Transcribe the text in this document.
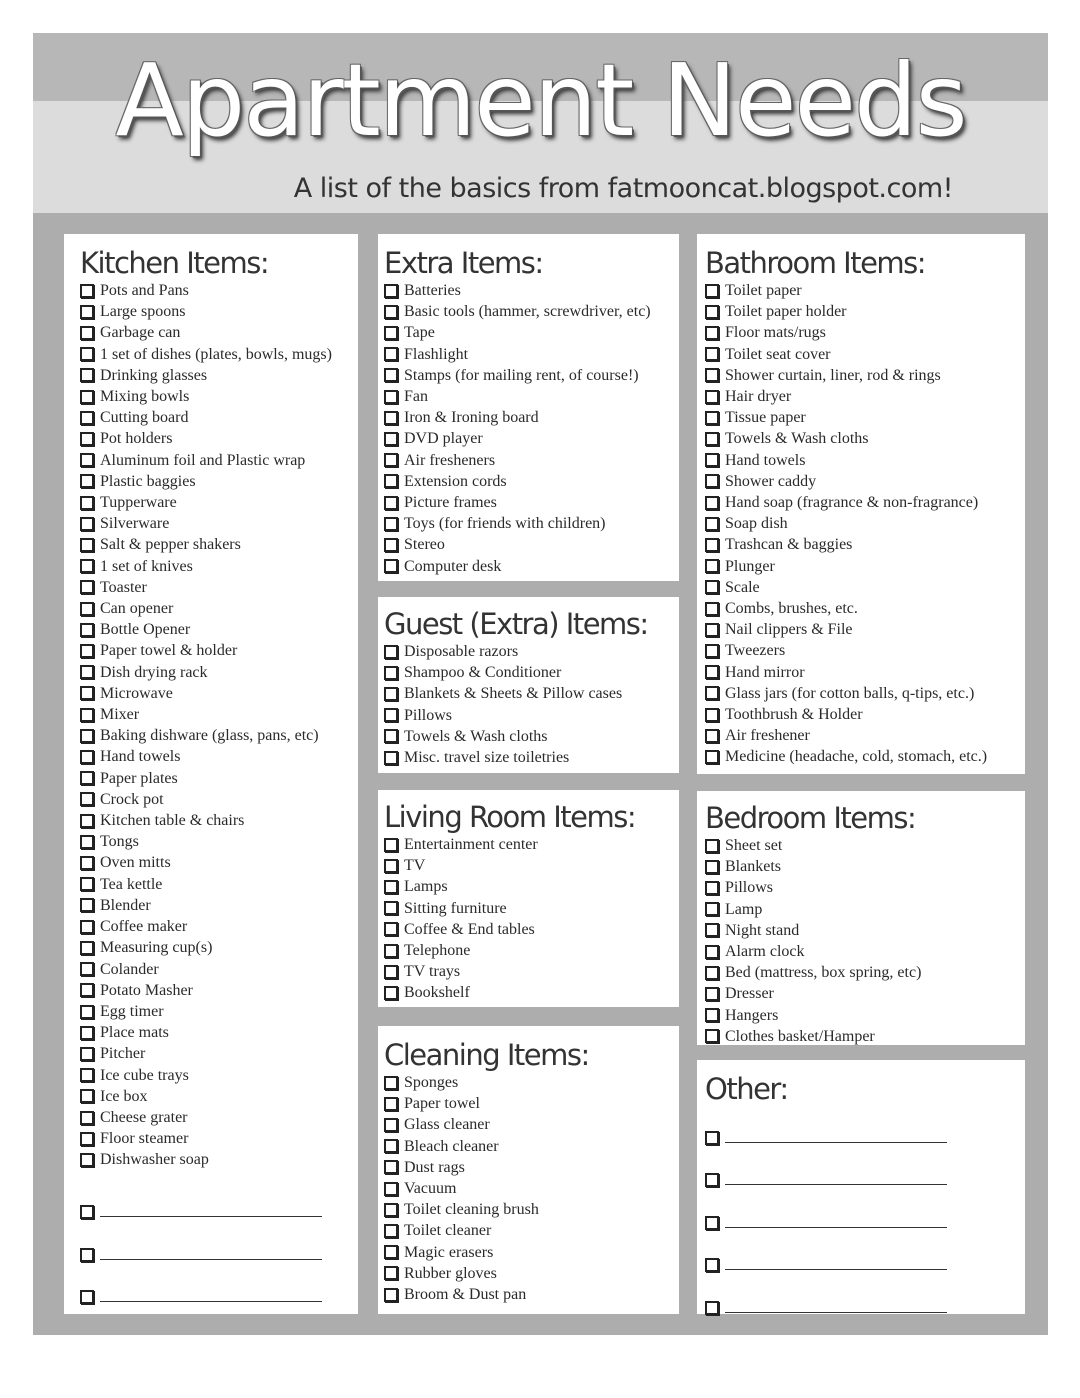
Apartment Needs

A list of the basics from fatmooncat.blogspot.com!

Kitchen Items:
Pots and Pans
Large spoons
Garbage can
1 set of dishes (plates, bowls, mugs)
Drinking glasses
Mixing bowls
Cutting board
Pot holders
Aluminum foil and Plastic wrap
Plastic baggies
Tupperware
Silverware
Salt & pepper shakers
1 set of knives
Toaster
Can opener
Bottle Opener
Paper towel & holder
Dish drying rack
Microwave
Mixer
Baking dishware (glass, pans, etc)
Hand towels
Paper plates
Crock pot
Kitchen table & chairs
Tongs
Oven mitts
Tea kettle
Blender
Coffee maker
Measuring cup(s)
Colander
Potato Masher
Egg timer
Place mats
Pitcher
Ice cube trays
Ice box
Cheese grater
Floor steamer
Dishwasher soap
Extra Items:
Batteries
Basic tools (hammer, screwdriver, etc)
Tape
Flashlight
Stamps (for mailing rent, of course!)
Fan
Iron & Ironing board
DVD player
Air fresheners
Extension cords
Picture frames
Toys (for friends with children)
Stereo
Computer desk
Guest (Extra) Items:
Disposable razors
Shampoo & Conditioner
Blankets & Sheets & Pillow cases
Pillows
Towels & Wash cloths
Misc. travel size toiletries
Living Room Items:
Entertainment center
TV
Lamps
Sitting furniture
Coffee & End tables
Telephone
TV trays
Bookshelf
Cleaning Items:
Sponges
Paper towel
Glass cleaner
Bleach cleaner
Dust rags
Vacuum
Toilet cleaning brush
Toilet cleaner
Magic erasers
Rubber gloves
Broom & Dust pan
Bathroom Items:
Toilet paper
Toilet paper holder
Floor mats/rugs
Toilet seat cover
Shower curtain, liner, rod & rings
Hair dryer
Tissue paper
Towels & Wash cloths
Hand towels
Shower caddy
Hand soap (fragrance & non-fragrance)
Soap dish
Trashcan & baggies
Plunger
Scale
Combs, brushes, etc.
Nail clippers & File
Tweezers
Hand mirror
Glass jars (for cotton balls, q-tips, etc.)
Toothbrush & Holder
Air freshener
Medicine (headache, cold, stomach, etc.)
Bedroom Items:
Sheet set
Blankets
Pillows
Lamp
Night stand
Alarm clock
Bed (mattress, box spring, etc)
Dresser
Hangers
Clothes basket/Hamper
Other:
